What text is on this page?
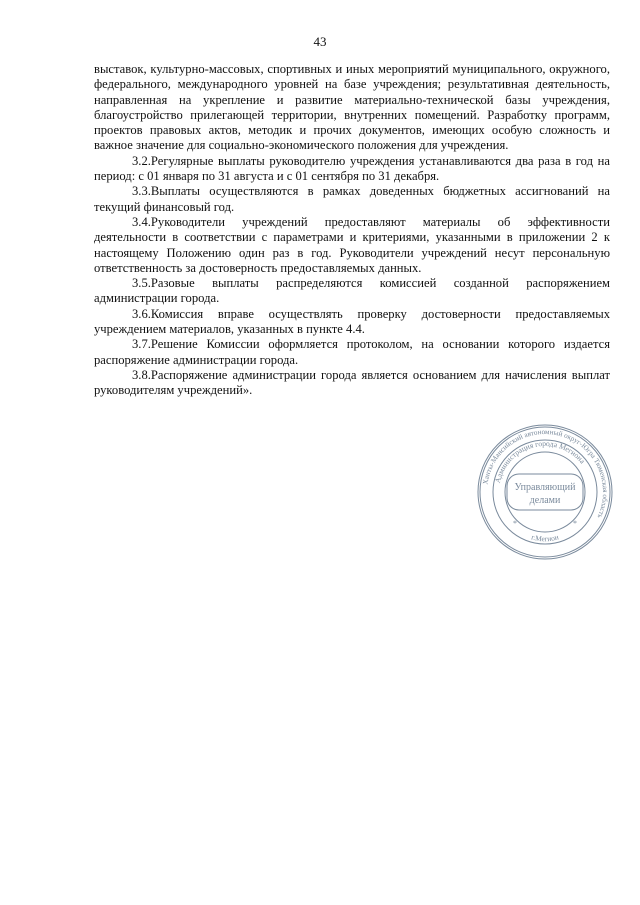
43

выставок, культурно-массовых, спортивных и иных мероприятий муниципального, окружного, федерального, международного уровней на базе учреждения; результативная деятельность, направленная на укрепление и развитие материально-технической базы учреждения, благоустройство прилегающей территории, внутренних помещений. Разработку программ, проектов правовых актов, методик и прочих документов, имеющих особую сложность и важное значение для социально-экономического положения для учреждения.

3.2.Регулярные выплаты руководителю учреждения устанавливаются два раза в год на период: с 01 января по 31 августа и с 01 сентября по 31 декабря.

3.3.Выплаты осуществляются в рамках доведенных бюджетных ассигнований на текущий финансовый год.

3.4.Руководители учреждений предоставляют материалы об эффективности деятельности в соответствии с параметрами и критериями, указанными в приложении 2 к настоящему Положению один раз в год. Руководители учреждений несут персональную ответственность за достоверность предоставляемых данных.

3.5.Разовые выплаты распределяются комиссией созданной распоряжением администрации города.

3.6.Комиссия вправе осуществлять проверку достоверности предоставляемых учреждением материалов, указанных в пункте 4.4.

3.7.Решение Комиссии оформляется протоколом, на основании которого издается распоряжение администрации города.

3.8.Распоряжение администрации города является основанием для начисления выплат руководителям учреждений».

Ханты-Мансийский автономный округ-Югра Тюменская область
Администрация города Мегиона
г.Мегион
Управляющий
делами
*	*
